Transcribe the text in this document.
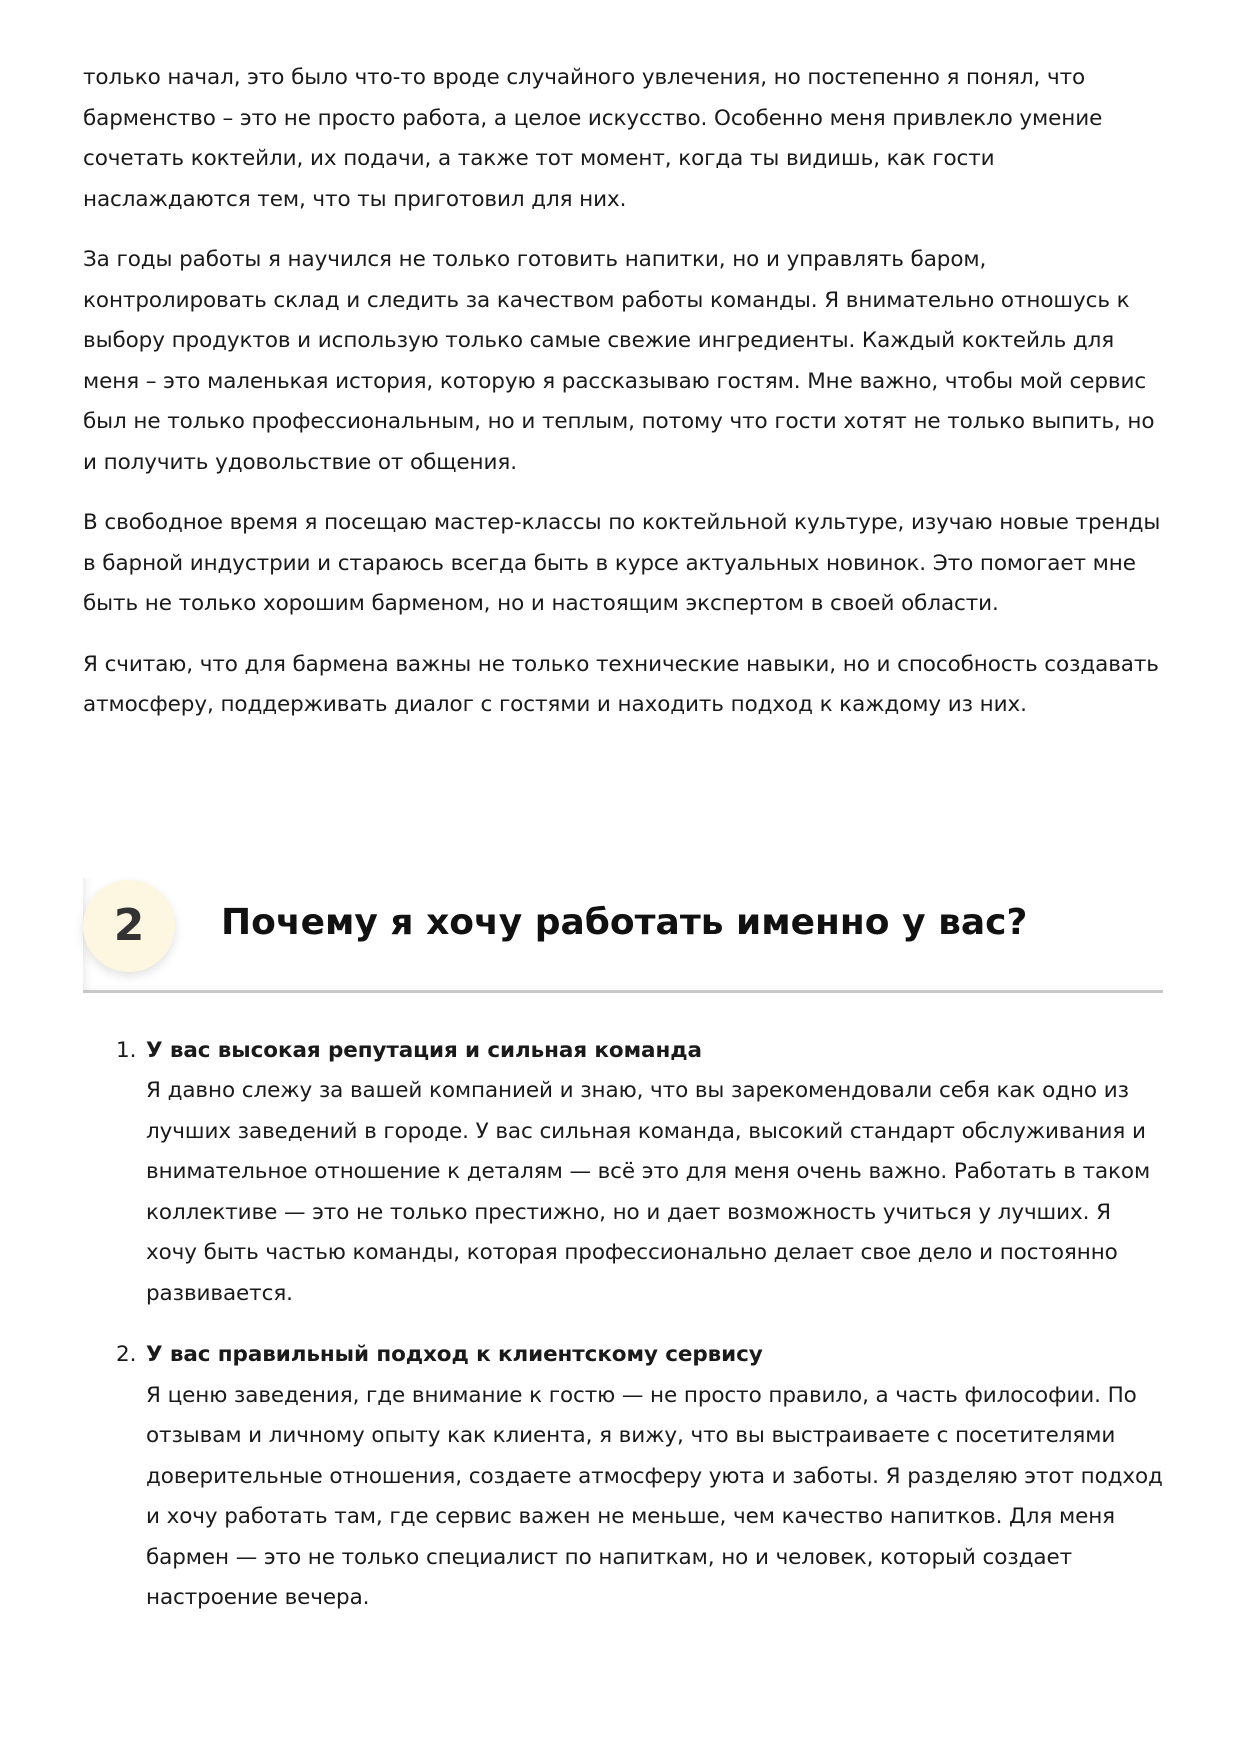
только начал, это было что-то вроде случайного увлечения, но постепенно я понял, что барменство – это не просто работа, а целое искусство. Особенно меня привлекло умение сочетать коктейли, их подачи, а также тот момент, когда ты видишь, как гости наслаждаются тем, что ты приготовил для них.

За годы работы я научился не только готовить напитки, но и управлять баром, контролировать склад и следить за качеством работы команды. Я внимательно отношусь к выбору продуктов и использую только самые свежие ингредиенты. Каждый коктейль для меня – это маленькая история, которую я рассказываю гостям. Мне важно, чтобы мой сервис был не только профессиональным, но и теплым, потому что гости хотят не только выпить, но и получить удовольствие от общения.

В свободное время я посещаю мастер-классы по коктейльной культуре, изучаю новые тренды в барной индустрии и стараюсь всегда быть в курсе актуальных новинок. Это помогает мне быть не только хорошим барменом, но и настоящим экспертом в своей области.

Я считаю, что для бармена важны не только технические навыки, но и способность создавать атмосферу, поддерживать диалог с гостями и находить подход к каждому из них.

2	Почему я хочу работать именно у вас?
1. У вас высокая репутация и сильная команда
Я давно слежу за вашей компанией и знаю, что вы зарекомендовали себя как одно из лучших заведений в городе. У вас сильная команда, высокий стандарт обслуживания и внимательное отношение к деталям — всё это для меня очень важно. Работать в таком коллективе — это не только престижно, но и дает возможность учиться у лучших. Я хочу быть частью команды, которая профессионально делает свое дело и постоянно развивается.
2. У вас правильный подход к клиентскому сервису
Я ценю заведения, где внимание к гостю — не просто правило, а часть философии. По отзывам и личному опыту как клиента, я вижу, что вы выстраиваете с посетителями доверительные отношения, создаете атмосферу уюта и заботы. Я разделяю этот подход и хочу работать там, где сервис важен не меньше, чем качество напитков. Для меня бармен — это не только специалист по напиткам, но и человек, который создает настроение вечера.
